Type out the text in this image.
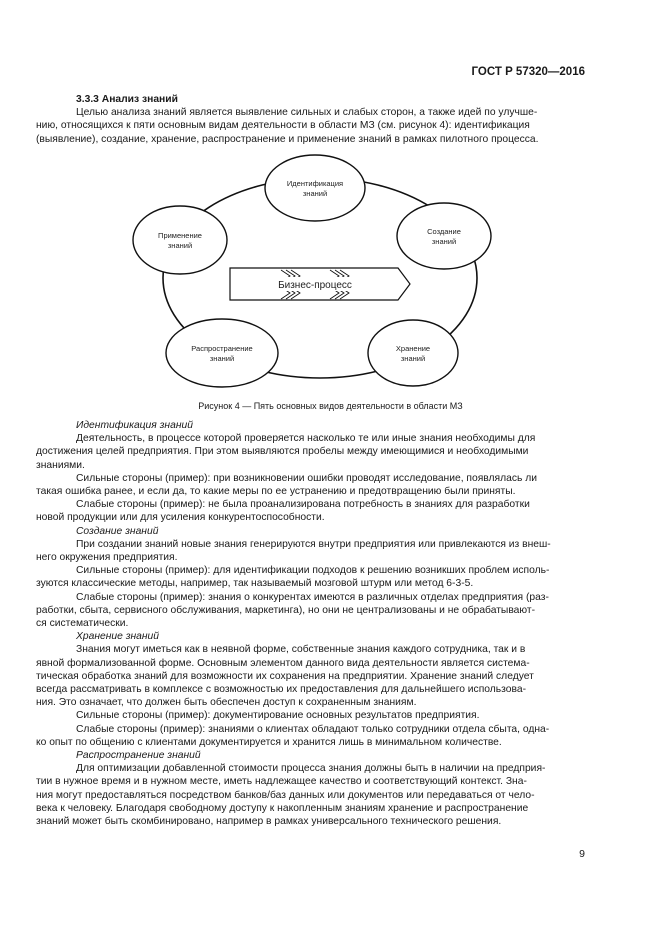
ГОСТ Р 57320—2016

3.3.3 Анализ знаний

Целью анализа знаний является выявление сильных и слабых сторон, а также идей по улучше-

нию, относящихся к пяти основным видам деятельности в области МЗ (см. рисунок 4): идентификация

(выявление), создание, хранение, распространение и применение знаний в рамках пилотного процесса.

Бизнес-процесс
Идентификация
знаний
Создание
знаний
Хранение
знаний
Распространение
знаний
Применение
знаний
Рисунок 4 — Пять основных видов деятельности в области МЗ

Идентификация знаний

Деятельность, в процессе которой проверяется насколько те или иные знания необходимы для

достижения целей предприятия. При этом выявляются пробелы между имеющимися и необходимыми

знаниями.

Сильные стороны (пример): при возникновении ошибки проводят исследование, появлялась ли

такая ошибка ранее, и если да, то какие меры по ее устранению и предотвращению были приняты.

Слабые стороны (пример): не была проанализирована потребность в знаниях для разработки

новой продукции или для усиления конкурентоспособности.

Создание знаний

При создании знаний новые знания генерируются внутри предприятия или привлекаются из внеш-

него окружения предприятия.

Сильные стороны (пример): для идентификации подходов к решению возникших проблем исполь-

зуются классические методы, например, так называемый мозговой штурм или метод 6-3-5.

Слабые стороны (пример): знания о конкурентах имеются в различных отделах предприятия (раз-

работки, сбыта, сервисного обслуживания, маркетинга), но они не централизованы и не обрабатывают-

ся систематически.

Хранение знаний

Знания могут иметься как в неявной форме, собственные знания каждого сотрудника, так и в

явной формализованной форме. Основным элементом данного вида деятельности является система-

тическая обработка знаний для возможности их сохранения на предприятии. Хранение знаний следует

всегда рассматривать в комплексе с возможностью их предоставления для дальнейшего использова-

ния. Это означает, что должен быть обеспечен доступ к сохраненным знаниям.

Сильные стороны (пример): документирование основных результатов предприятия.

Слабые стороны (пример): знаниями о клиентах обладают только сотрудники отдела сбыта, одна-

ко опыт по общению с клиентами документируется и хранится лишь в минимальном количестве.

Распространение знаний

Для оптимизации добавленной стоимости процесса знания должны быть в наличии на предприя-

тии в нужное время и в нужном месте, иметь надлежащее качество и соответствующий контекст. Зна-

ния могут предоставляться посредством банков/баз данных или документов или передаваться от чело-

века к человеку. Благодаря свободному доступу к накопленным знаниям хранение и распространение

знаний может быть скомбинировано, например в рамках универсального технического решения.

9
